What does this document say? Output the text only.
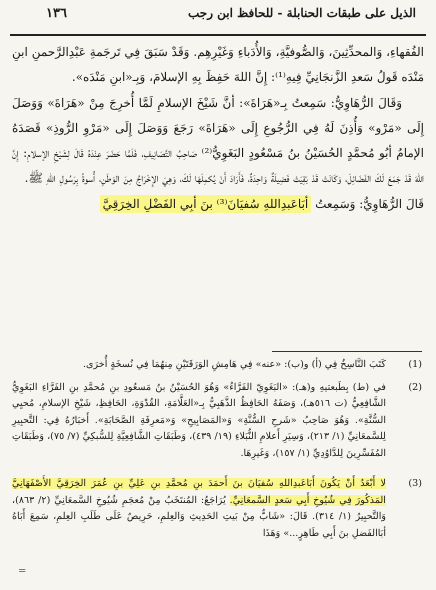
الذيل على طبقات الحنابلة - للحافظ ابن رجب
١٣٦

الفُقهاءِ، وَالمحدِّثِينَ، وَالصُّوفيَّةِ، وَالأُدَباءِ وَغَيْرِهِم. وَقَدْ سَبَقَ فِي تَرجَمةِ عَبْدِالرَّحمنِ ابنِ مَنْدَه قَولُ سَعدِ الزَّنجَانِيِّ فِيهِ⁽¹⁾: إِنَّ اللهَ حَفِظَ بِهِ الإسلامَ، وَبِـ«ابنِ مَنْدَه».

وَقَالَ الرُّهَاوِيُّ: سَمِعتُ بِـ«هَرَاةَ»: أنَّ شَيْخَ الإسلامِ لَمَّا أُخرِجَ مِنْ «هَرَاةَ» وَوَصَلَ إِلَى «مَرْو» وَأُذِنَ لَهُ فِي الرُّجُوعِ إِلَى «هَرَاةَ» رَجَعَ وَوَصَلَ إِلَى «مَرْوِ الرُّوذِ» قَصَدَهُ الإمامُ أبُو مُحمَّدٍ الحُسَيْنُ بنُ مَسْعُودٍ البَغَوِيُّ⁽²⁾ صَاحِبُ التَّصَانِيفِ، فَلَمَّا حَضَرَ عِنْدَهُ قَالَ لِشَيْخِ الإسلامِ: إِنَّ اللهَ قَدْ جَمَعَ لَكَ الفَضَائِلَ، وَكَانَتْ قَدْ بَقِيَتْ فَضِيلَةٌ وَاحِدَةٌ، فَأَرَادَ أَنْ يُكمِلَهَا لَكَ، وَهِيَ الإِخْرَاجُ مِنَ الوَطَنِ، أُسوةً بِرَسُولِ اللهِ ﷺ.

قَالَ الرُّهَاوِيُّ: وَسَمِعتُ أبَاعَبدِاللهِ سُفيَانَ⁽³⁾ بنَ أبِي الفَضْلِ الخِرَقِيَّ

(1)

كَتَبَ النَّاسِخُ فِي (أ) و(ب): «عنه» فِي هَامِشِ الوَرَقَتَيْنِ مِنهُمَا فِي نُسخَةٍ أُخرَى.

(2)

في (ط) بِطَبعتيهِ و(هـ): «البَغَوِيّ الفَرَّاءُ» وَهُوَ الحُسَيْنُ بنُ مَسعُودِ بنِ مُحمَّدِ بنِ الفَرَّاءِ البَغَوِيُّ الشَّافِعِيُّ (ت ٥١٦هـ)، وَصَفَهُ الحَافِظُ الذَّهَبِيُّ بِـ«العَلَّامَةِ، القُدْوَةِ، الحَافِظِ، شَيْخِ الإسلامِ، مُحيِي السُّنَّةِ». وَهُوَ صَاحِبُ «شَرحِ السُّنَّةِ» وَ«المَصَابِيحِ» وَ«مَعرِفَةِ الصَّحَابَةِ». أَخبَارُهُ فِي: التَّحبِيرِ لِلسَّمعَانِيِّ (١/ ٢١٣)، وَسِيَرِ أَعلامِ النُّبَلاءِ (١٩/ ٤٣٩)، وَطَبَقَاتِ الشَّافِعِيَّةِ لِلسُّبكِيِّ (٧/ ٧٥)، وَطَبَقَاتِ المُفَسِّرِينَ لِلدَّاوُدِيِّ (١/ ١٥٧)، وَغَيرِهَا.

(3)

لا أَبْعَدُ أَنْ يَكُونَ أَبَاعَبدِاللهِ سُفيَانَ بنَ أَحمَدَ بنِ مُحمَّدِ بنِ عَلِيِّ بنِ عُمَرَ الخِرَقِيَّ الأَصْفَهَانِيَّ المَذكُورَ فِي شُيُوخِ أَبِي سَعدٍ السَّمعَانِيِّ. يُرَاجَعُ: المُنتَخَبُ مِنْ مُعجَمِ شُيُوخِ السَّمعَانِيِّ (٢/ ٨٦٣)، وَالتَّحبِيرُ (١/ ٣١٤). قَالَ: «شَابٌّ مِنْ بَيتِ الحَدِيثِ وَالعِلمِ، حَرِيصٌ عَلَى طَلَبِ العِلمِ، سَمِعَ أَبَاهُ أبَاالفَضلِ بنَ أَبِي طَاهِرٍ...» وَهَذَا

=
